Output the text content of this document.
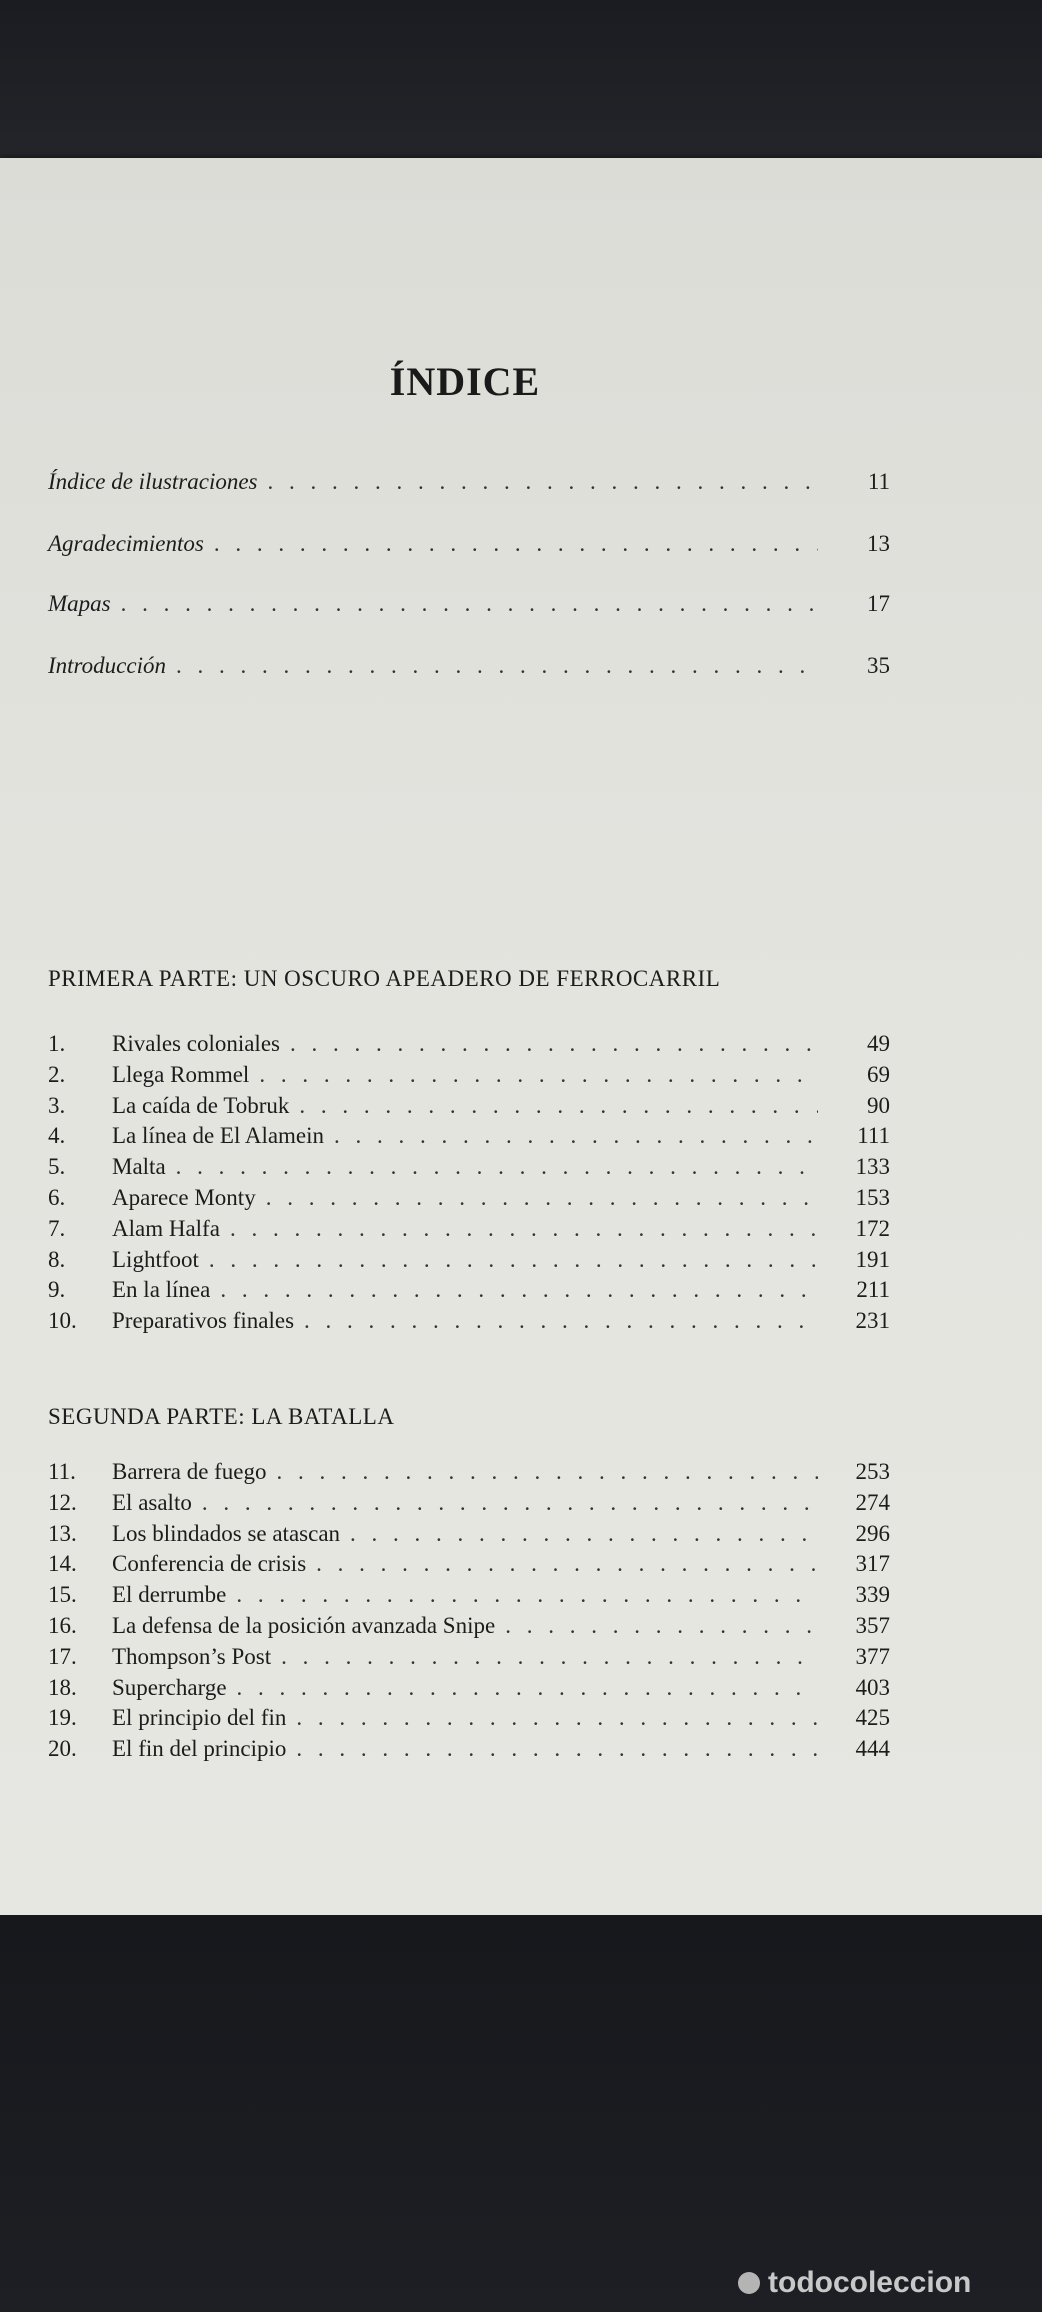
ÍNDICE
Índice de ilustraciones . . .	11
Agradecimientos . . .	13
Mapas . . .	17
Introducción . . .	35
PRIMERA PARTE: UN OSCURO APEADERO DE FERROCARRIL
1.	Rivales coloniales . . .	49
2.	Llega Rommel . . .	69
3.	La caída de Tobruk . . .	90
4.	La línea de El Alamein . . .	111
5.	Malta . . .	133
6.	Aparece Monty . . .	153
7.	Alam Halfa . . .	172
8.	Lightfoot . . .	191
9.	En la línea . . .	211
10.	Preparativos finales . . .	231
SEGUNDA PARTE: LA BATALLA
11.	Barrera de fuego . . .	253
12.	El asalto . . .	274
13.	Los blindados se atascan . . .	296
14.	Conferencia de crisis . . .	317
15.	El derrumbe . . .	339
16.	La defensa de la posición avanzada Snipe . . .	357
17.	Thompson’s Post . . .	377
18.	Supercharge . . .	403
19.	El principio del fin . . .	425
20.	El fin del principio . . .	444
todocoleccion
